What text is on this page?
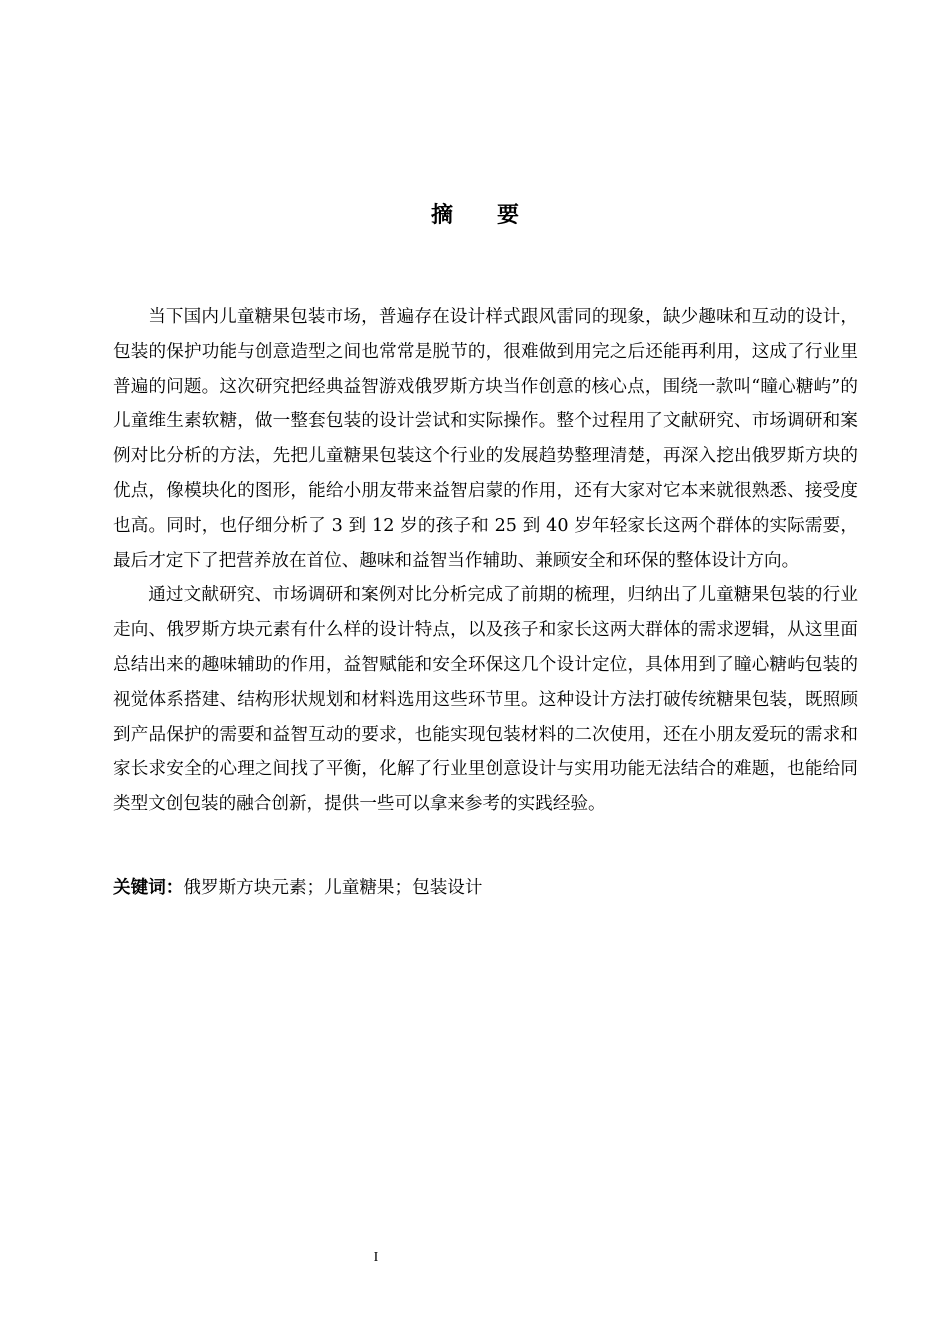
摘 要

当下国内儿童糖果包装市场，普遍存在设计样式跟风雷同的现象，缺少趣味和互动的设计，包装的保护功能与创意造型之间也常常是脱节的，很难做到用完之后还能再利用，这成了行业里普遍的问题。这次研究把经典益智游戏俄罗斯方块当作创意的核心点，围绕一款叫“瞳心糖屿”的儿童维生素软糖，做一整套包装的设计尝试和实际操作。整个过程用了文献研究、市场调研和案例对比分析的方法，先把儿童糖果包装这个行业的发展趋势整理清楚，再深入挖出俄罗斯方块的优点，像模块化的图形，能给小朋友带来益智启蒙的作用，还有大家对它本来就很熟悉、接受度也高。同时，也仔细分析了 3 到 12 岁的孩子和 25 到 40 岁年轻家长这两个群体的实际需要，最后才定下了把营养放在首位、趣味和益智当作辅助、兼顾安全和环保的整体设计方向。

通过文献研究、市场调研和案例对比分析完成了前期的梳理，归纳出了儿童糖果包装的行业走向、俄罗斯方块元素有什么样的设计特点，以及孩子和家长这两大群体的需求逻辑，从这里面总结出来的趣味辅助的作用，益智赋能和安全环保这几个设计定位，具体用到了瞳心糖屿包装的视觉体系搭建、结构形状规划和材料选用这些环节里。这种设计方法打破传统糖果包装，既照顾到产品保护的需要和益智互动的要求，也能实现包装材料的二次使用，还在小朋友爱玩的需求和家长求安全的心理之间找了平衡，化解了行业里创意设计与实用功能无法结合的难题，也能给同类型文创包装的融合创新，提供一些可以拿来参考的实践经验。

关键词：俄罗斯方块元素；儿童糖果；包装设计
I
